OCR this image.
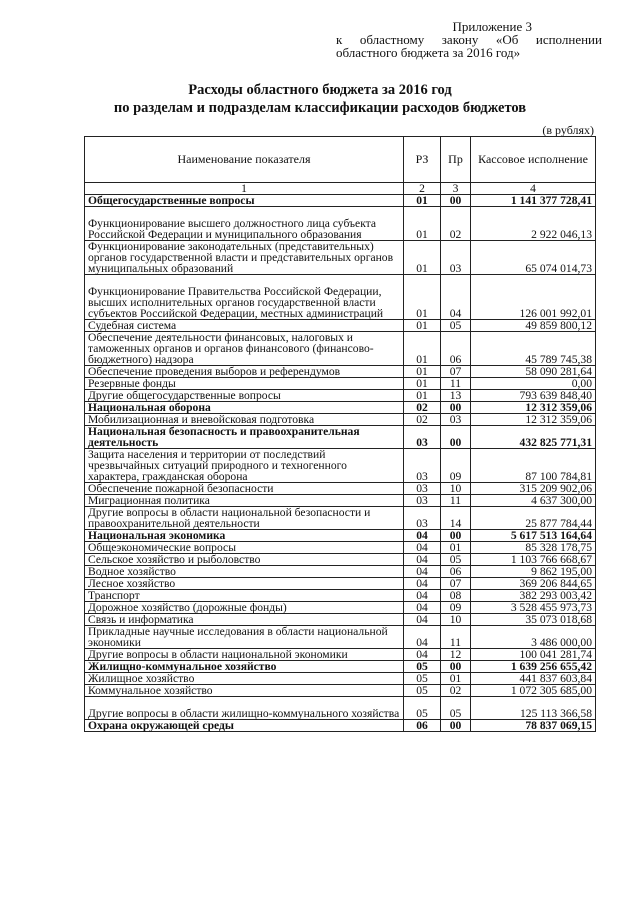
Приложение 3
к областному закону «Об исполнении
областного бюджета за 2016 год»
Расходы областного бюджета за 2016 год
по разделам и подразделам классификации расходов бюджетов
(в рублях)
Наименование показателя	РЗ	Пр	Кассовое исполнение
1	2	3	4
Общегосударственные вопросы	01	00	1 141 377 728,41
Функционирование высшего должностного лица субъекта Российской Федерации и муниципального образования	01	02	2 922 046,13
Функционирование законодательных (представительных) органов государственной власти и представительных органов муниципальных образований	01	03	65 074 014,73
Функционирование Правительства Российской Федерации, высших исполнительных органов государственной власти субъектов Российской Федерации, местных администраций	01	04	126 001 992,01
Судебная система	01	05	49 859 800,12
Обеспечение деятельности финансовых, налоговых и таможенных органов и органов финансового (финансово-бюджетного) надзора	01	06	45 789 745,38
Обеспечение проведения выборов и референдумов	01	07	58 090 281,64
Резервные фонды	01	11	0,00
Другие общегосударственные вопросы	01	13	793 639 848,40
Национальная оборона	02	00	12 312 359,06
Мобилизационная и вневойсковая подготовка	02	03	12 312 359,06
Национальная безопасность и правоохранительная деятельность	03	00	432 825 771,31
Защита населения и территории от последствий чрезвычайных ситуаций природного и техногенного характера, гражданская оборона	03	09	87 100 784,81
Обеспечение пожарной безопасности	03	10	315 209 902,06
Миграционная политика	03	11	4 637 300,00
Другие вопросы в области национальной безопасности и правоохранительной деятельности	03	14	25 877 784,44
Национальная экономика	04	00	5 617 513 164,64
Общеэкономические вопросы	04	01	85 328 178,75
Сельское хозяйство и рыболовство	04	05	1 103 766 668,67
Водное хозяйство	04	06	9 862 195,00
Лесное хозяйство	04	07	369 206 844,65
Транспорт	04	08	382 293 003,42
Дорожное хозяйство (дорожные фонды)	04	09	3 528 455 973,73
Связь и информатика	04	10	35 073 018,68
Прикладные научные исследования в области национальной экономики	04	11	3 486 000,00
Другие вопросы в области национальной экономики	04	12	100 041 281,74
Жилищно-коммунальное хозяйство	05	00	1 639 256 655,42
Жилищное хозяйство	05	01	441 837 603,84
Коммунальное хозяйство	05	02	1 072 305 685,00
Другие вопросы в области жилищно-коммунального хозяйства	05	05	125 113 366,58
Охрана окружающей среды	06	00	78 837 069,15
